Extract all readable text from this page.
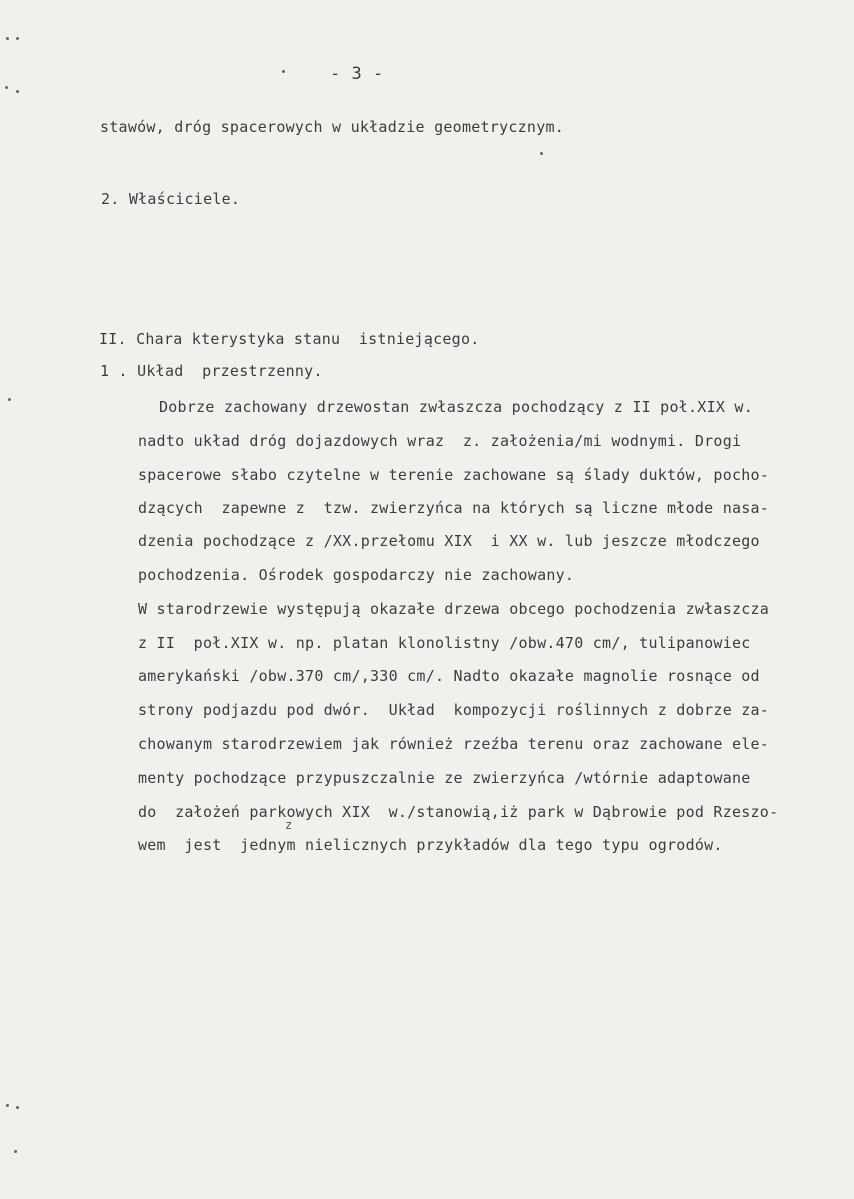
- 3 -
stawów, dróg spacerowych w układzie geometrycznym.
2. Właściciele.
II. Chara kterystyka stanu  istniejącego.
1 . Układ  przestrzenny.
Dobrze zachowany drzewostan zwłaszcza pochodzący z II poł.XIX w.
nadto układ dróg dojazdowych wraz  z. założenia/mi wodnymi. Drogi
spacerowe słabo czytelne w terenie zachowane są ślady duktów, pocho-
dzących  zapewne z  tzw. zwierzyńca na których są liczne młode nasa-
dzenia pochodzące z /XX.przełomu XIX  i XX w. lub jeszcze młodczego
pochodzenia. Ośrodek gospodarczy nie zachowany.
W starodrzewie występują okazałe drzewa obcego pochodzenia zwłaszcza
z II  poł.XIX w. np. platan klonolistny /obw.470 cm/, tulipanowiec
amerykański /obw.370 cm/,330 cm/. Nadto okazałe magnolie rosnące od
strony podjazdu pod dwór.  Układ  kompozycji roślinnych z dobrze za-
chowanym starodrzewiem jak również rzeźba terenu oraz zachowane ele-
menty pochodzące przypuszczalnie ze zwierzyńca /wtórnie adaptowane
do  założeń parkowych XIX  w./stanowią,iż park w Dąbrowie pod Rzeszo-
wem  jest  jednym nielicznych przykładów dla tego typu ogrodów.
z
